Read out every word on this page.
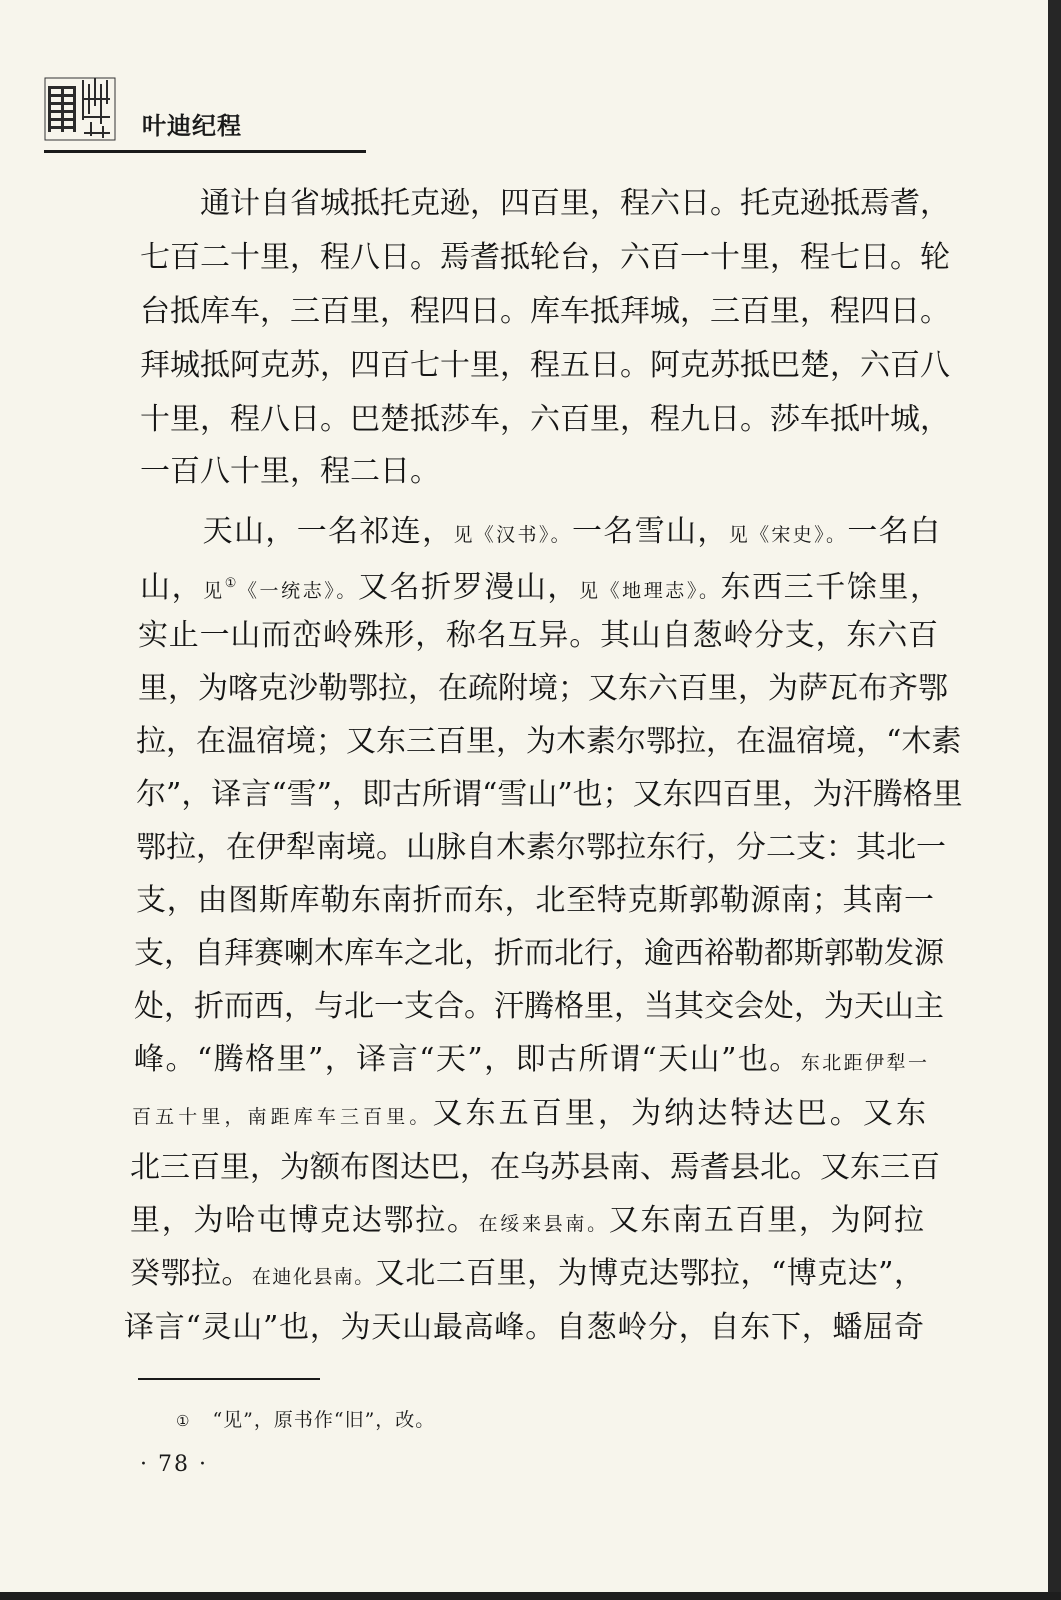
叶迪纪程
　　通计自省城抵托克逊，四百里，程六日。托克逊抵焉耆，
七百二十里，程八日。焉耆抵轮台，六百一十里，程七日。轮
台抵库车，三百里，程四日。库车抵拜城，三百里，程四日。
拜城抵阿克苏，四百七十里，程五日。阿克苏抵巴楚，六百八
十里，程八日。巴楚抵莎车，六百里，程九日。莎车抵叶城，
一百八十里，程二日。
　　天山，一名祁连，见《汉书》。一名雪山，见《宋史》。一名白
山，见①《一统志》。又名折罗漫山，见《地理志》。东西三千馀里，
实止一山而峦岭殊形，称名互异。其山自葱岭分支，东六百
里，为喀克沙勒鄂拉，在疏附境；又东六百里，为萨瓦布齐鄂
拉，在温宿境；又东三百里，为木素尔鄂拉，在温宿境，“木素
尔”，译言“雪”，即古所谓“雪山”也；又东四百里，为汗腾格里
鄂拉，在伊犁南境。山脉自木素尔鄂拉东行，分二支：其北一
支，由图斯库勒东南折而东，北至特克斯郭勒源南；其南一
支，自拜赛喇木库车之北，折而北行，逾西裕勒都斯郭勒发源
处，折而西，与北一支合。汗腾格里，当其交会处，为天山主
峰。“腾格里”，译言“天”，即古所谓“天山”也。东北距伊犁一
百五十里，南距库车三百里。又东五百里，为纳达特达巴。又东
北三百里，为额布图达巴，在乌苏县南、焉耆县北。又东三百
里，为哈屯博克达鄂拉。在绥来县南。又东南五百里，为阿拉
癸鄂拉。在迪化县南。又北二百里，为博克达鄂拉，“博克达”，
译言“灵山”也，为天山最高峰。自葱岭分，自东下，蟠屈奇
① “见”，原书作“旧”，改。
· 78 ·
